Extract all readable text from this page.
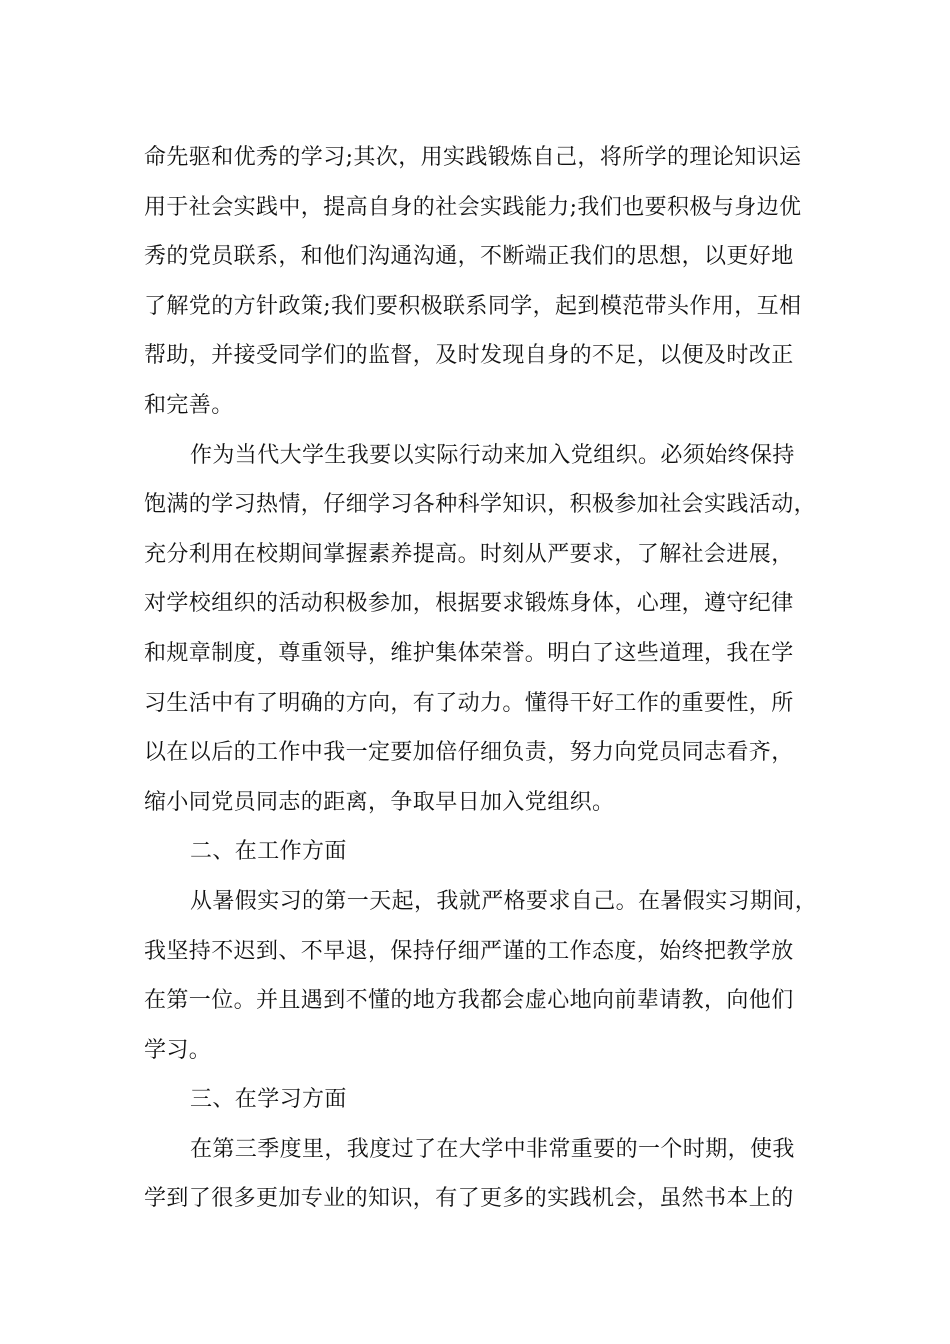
命先驱和优秀的学习;其次，用实践锻炼自己，将所学的理论知识运
用于社会实践中，提高自身的社会实践能力;我们也要积极与身边优
秀的党员联系，和他们沟通沟通，不断端正我们的思想，以更好地
了解党的方针政策;我们要积极联系同学，起到模范带头作用，互相
帮助，并接受同学们的监督，及时发现自身的不足，以便及时改正
和完善。
作为当代大学生我要以实际行动来加入党组织。必须始终保持
饱满的学习热情，仔细学习各种科学知识，积极参加社会实践活动，
充分利用在校期间掌握素养提高。时刻从严要求，了解社会进展，
对学校组织的活动积极参加，根据要求锻炼身体，心理，遵守纪律
和规章制度，尊重领导，维护集体荣誉。明白了这些道理，我在学
习生活中有了明确的方向，有了动力。懂得干好工作的重要性，所
以在以后的工作中我一定要加倍仔细负责，努力向党员同志看齐，
缩小同党员同志的距离，争取早日加入党组织。
二、在工作方面
从暑假实习的第一天起，我就严格要求自己。在暑假实习期间，
我坚持不迟到、不早退，保持仔细严谨的工作态度，始终把教学放
在第一位。并且遇到不懂的地方我都会虚心地向前辈请教，向他们
学习。
三、在学习方面
在第三季度里，我度过了在大学中非常重要的一个时期，使我
学到了很多更加专业的知识，有了更多的实践机会，虽然书本上的
